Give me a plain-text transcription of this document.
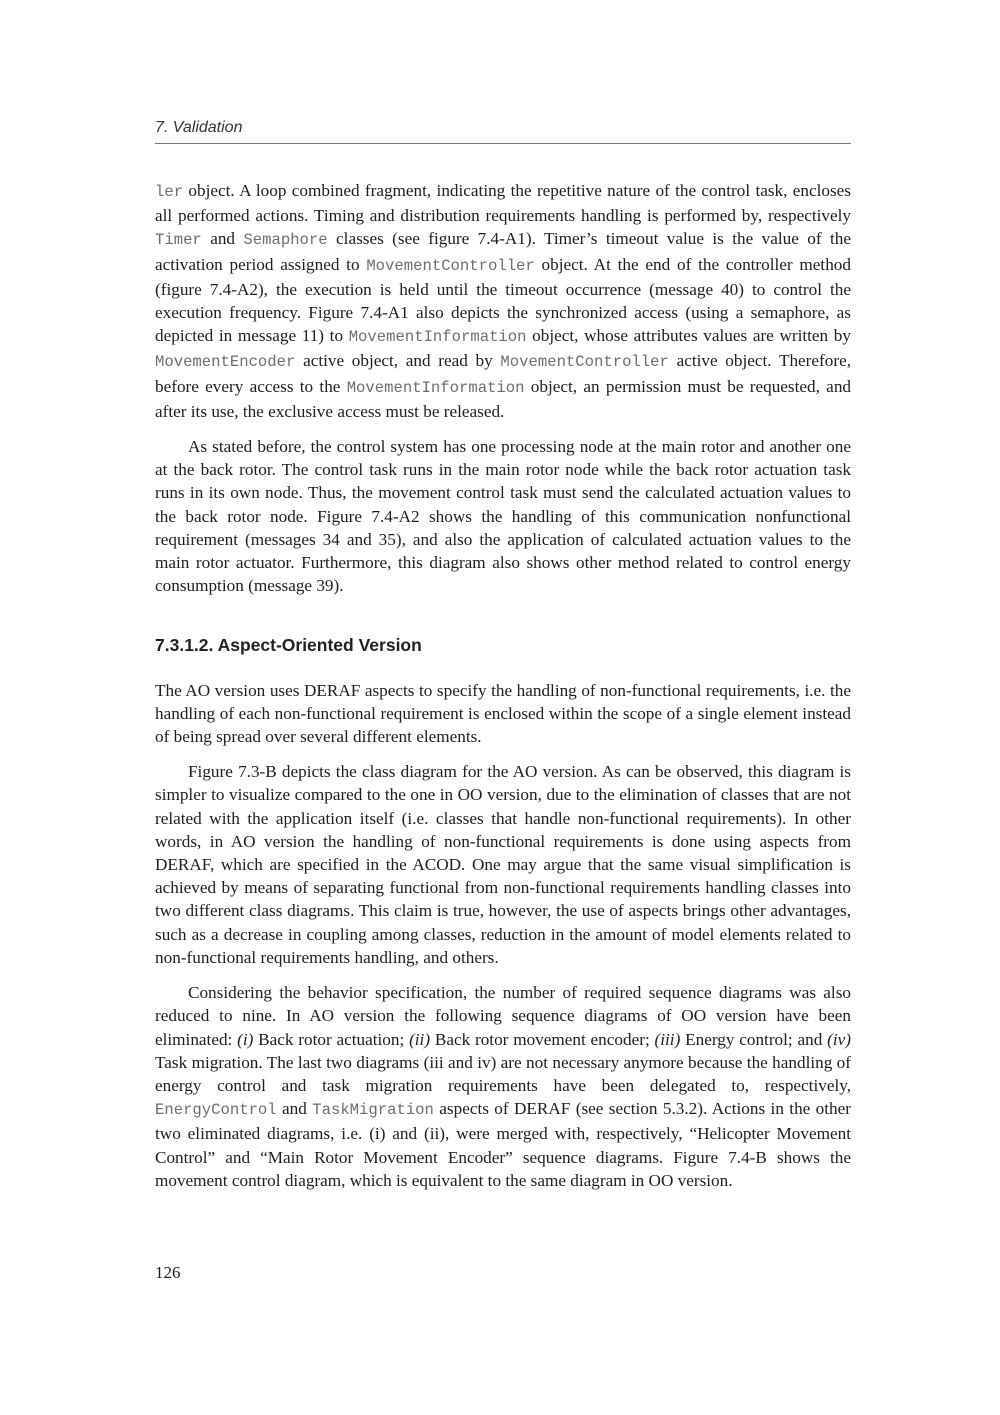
7. Validation

ler object. A loop combined fragment, indicating the repetitive nature of the control task, encloses all performed actions. Timing and distribution requirements handling is performed by, respectively Timer and Semaphore classes (see figure 7.4-A1). Timer’s timeout value is the value of the activation period assigned to MovementController object. At the end of the controller method (figure 7.4-A2), the execution is held until the timeout occurrence (message 40) to control the execution frequency. Figure 7.4-A1 also depicts the synchronized access (using a semaphore, as depicted in message 11) to MovementInformation object, whose attributes values are written by MovementEncoder active object, and read by MovementController active object. Therefore, before every access to the MovementInformation object, an permission must be requested, and after its use, the exclusive access must be released.

As stated before, the control system has one processing node at the main rotor and another one at the back rotor. The control task runs in the main rotor node while the back rotor actuation task runs in its own node. Thus, the movement control task must send the calculated actuation values to the back rotor node. Figure 7.4-A2 shows the handling of this communication nonfunctional requirement (messages 34 and 35), and also the application of calculated actuation values to the main rotor actuator. Furthermore, this diagram also shows other method related to control energy consumption (message 39).

7.3.1.2. Aspect-Oriented Version

The AO version uses DERAF aspects to specify the handling of non-functional requirements, i.e. the handling of each non-functional requirement is enclosed within the scope of a single element instead of being spread over several different elements.

Figure 7.3-B depicts the class diagram for the AO version. As can be observed, this diagram is simpler to visualize compared to the one in OO version, due to the elimination of classes that are not related with the application itself (i.e. classes that handle non-functional requirements). In other words, in AO version the handling of non-functional requirements is done using aspects from DERAF, which are specified in the ACOD. One may argue that the same visual simplification is achieved by means of separating functional from non-functional requirements handling classes into two different class diagrams. This claim is true, however, the use of aspects brings other advantages, such as a decrease in coupling among classes, reduction in the amount of model elements related to non-functional requirements handling, and others.

Considering the behavior specification, the number of required sequence diagrams was also reduced to nine. In AO version the following sequence diagrams of OO version have been eliminated: (i) Back rotor actuation; (ii) Back rotor movement encoder; (iii) Energy control; and (iv) Task migration. The last two diagrams (iii and iv) are not necessary anymore because the handling of energy control and task migration requirements have been delegated to, respectively, EnergyControl and TaskMigration aspects of DERAF (see section 5.3.2). Actions in the other two eliminated diagrams, i.e. (i) and (ii), were merged with, respectively, “Helicopter Movement Control” and “Main Rotor Movement Encoder” sequence diagrams. Figure 7.4-B shows the movement control diagram, which is equivalent to the same diagram in OO version.

126
